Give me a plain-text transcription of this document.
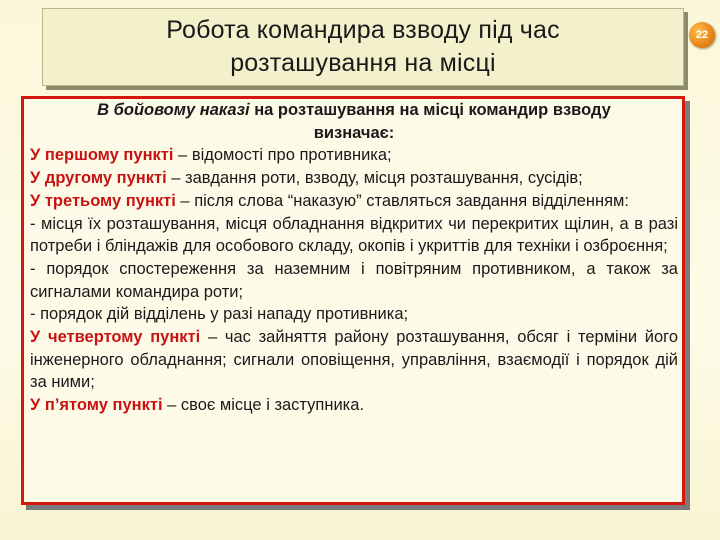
Робота командира взводу під час
розташування на місці
22
В бойовому наказі на розташування на місці командир взводу
визначає:

У першому пункті – відомості про противника;

У другому пункті – завдання роти, взводу, місця розташування, сусідів;

У третьому пункті – після слова “наказую” ставляться завдання відділенням:

- місця їх розташування, місця обладнання відкритих чи перекритих щілин, а в разі потреби і бліндажів для особового складу, окопів і укриттів для техніки і озброєння;

- порядок спостереження за наземним і повітряним противником, а також за сигналами командира роти;

- порядок дій відділень у разі нападу противника;

У четвертому пункті – час зайняття району розташування, обсяг і терміни його інженерного обладнання; сигнали оповіщення, управління, взаємодії і порядок дій за ними;

У п’ятому пункті – своє місце і заступника.
